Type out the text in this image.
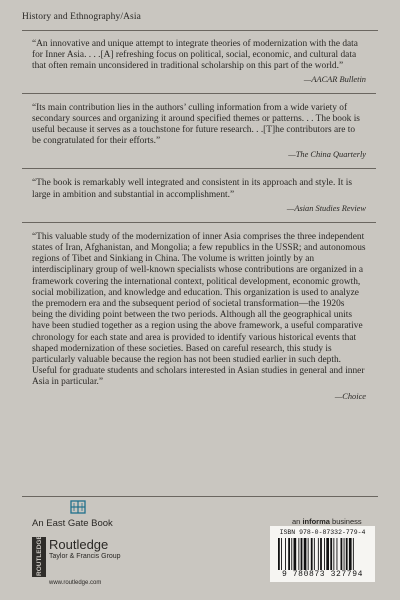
History and Ethnography/Asia

“An innovative and unique attempt to integrate theories of modernization with the data for Inner Asia. . . .[A] refreshing focus on political, social, economic, and cultural data that often remain unconsidered in traditional scholarship on this part of the world.”

—AACAR Bulletin

“Its main contribution lies in the authors’ culling information from a wide variety of secondary sources and organizing it around specified themes or patterns. . . The book is useful because it serves as a touchstone for future research. . .[T]he contributors are to be congratulated for their efforts.”

—The China Quarterly

“The book is remarkably well integrated and consistent in its approach and style. It is large in ambition and substantial in accomplishment.”

—Asian Studies Review

“This valuable study of the modernization of inner Asia comprises the three independent states of Iran, Afghanistan, and Mongolia; a few republics in the USSR; and autonomous regions of Tibet and Sinkiang in China. The volume is written jointly by an interdisciplinary group of well-known specialists whose contributions are organized in a framework covering the international context, political development, economic growth, social mobilization, and knowledge and education. This organization is used to analyze the premodern era and the subsequent period of societal transformation—the 1920s being the dividing point between the two periods. Although all the geographical units have been studied together as a region using the above framework, a useful comparative chronology for each state and area is provided to identify various historical events that shaped modernization of these societies. Based on careful research, this study is particularly valuable because the region has not been studied earlier in such depth. Useful for graduate students and scholars interested in Asian studies in general and inner Asia in particular.”

—Choice

An East Gate Book	an informa business
ROUTLEDGE Routledge
Taylor & Francis Group
www.routledge.com
ISBN 978-0-87332-779-4
9 780873 327794
